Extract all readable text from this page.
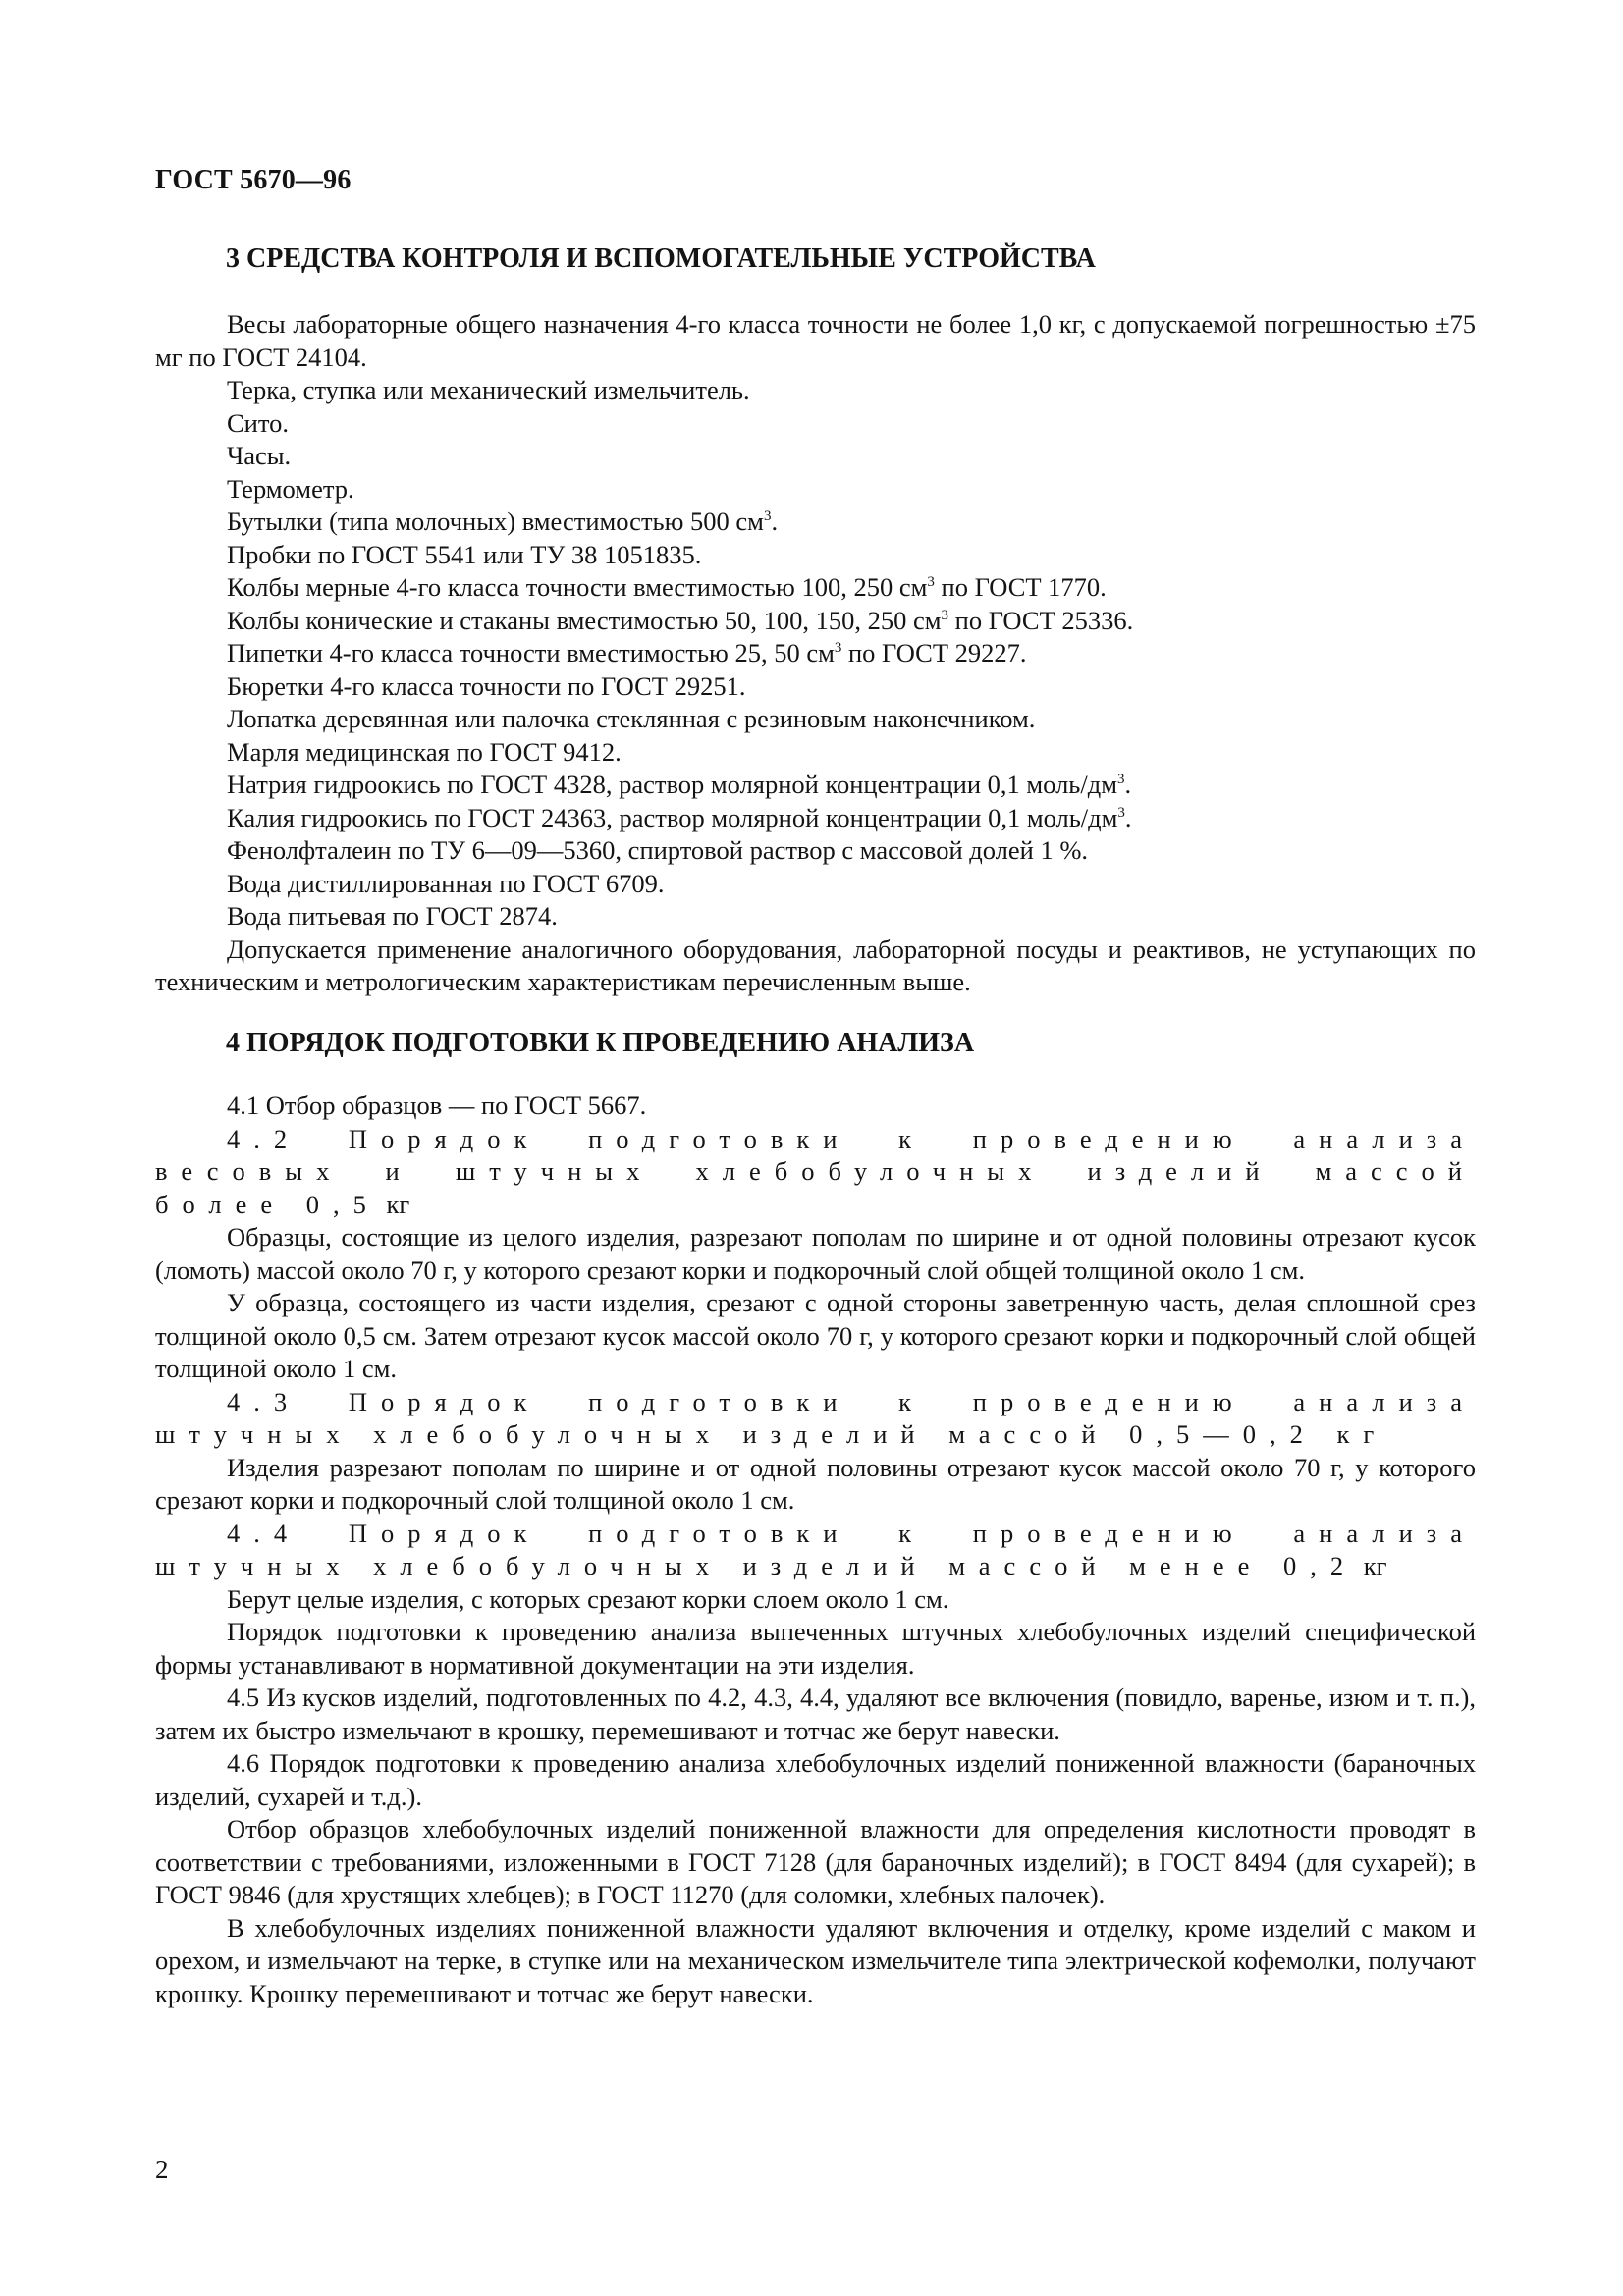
ГОСТ 5670—96
3 СРЕДСТВА КОНТРОЛЯ И ВСПОМОГАТЕЛЬНЫЕ УСТРОЙСТВА

Весы лабораторные общего назначения 4-го класса точности не более 1,0 кг, с допускаемой погрешностью ±75 мг по ГОСТ 24104.

Терка, ступка или механический измельчитель.

Сито.

Часы.

Термометр.

Бутылки (типа молочных) вместимостью 500 $см^3$.

Пробки по ГОСТ 5541 или ТУ 38 1051835.

Колбы мерные 4-го класса точности вместимостью 100, 250 $см^3$ по ГОСТ 1770.

Колбы конические и стаканы вместимостью 50, 100, 150, 250 $см^3$ по ГОСТ 25336.

Пипетки 4-го класса точности вместимостью 25, 50 $см^3$ по ГОСТ 29227.

Бюретки 4-го класса точности по ГОСТ 29251.

Лопатка деревянная или палочка стеклянная с резиновым наконечником.

Марля медицинская по ГОСТ 9412.

Натрия гидроокись по ГОСТ 4328, раствор молярной концентрации 0,1 моль/$дм^3$.

Калия гидроокись по ГОСТ 24363, раствор молярной концентрации 0,1 моль/$дм^3$.

Фенолфталеин по ТУ 6—09—5360, спиртовой раствор с массовой долей 1 %.

Вода дистиллированная по ГОСТ 6709.

Вода питьевая по ГОСТ 2874.

Допускается применение аналогичного оборудования, лабораторной посуды и реактивов, не уступающих по техническим и метрологическим характеристикам перечисленным выше.

4 ПОРЯДОК ПОДГОТОВКИ К ПРОВЕДЕНИЮ АНАЛИЗА

4.1 Отбор образцов — по ГОСТ 5667.

4.2 Порядок подготовки к проведению анализа весовых и штучных хлебобулочных изделий массой более 0,5 кг

Образцы, состоящие из целого изделия, разрезают пополам по ширине и от одной половины отрезают кусок (ломоть) массой около 70 г, у которого срезают корки и подкорочный слой общей толщиной около 1 см.

У образца, состоящего из части изделия, срезают с одной стороны заветренную часть, делая сплошной срез толщиной около 0,5 см. Затем отрезают кусок массой около 70 г, у которого срезают корки и подкорочный слой общей толщиной около 1 см.

4.3 Порядок подготовки к проведению анализа штучных хлебобулочных изделий массой 0,5—0,2 кг

Изделия разрезают пополам по ширине и от одной половины отрезают кусок массой около 70 г, у которого срезают корки и подкорочный слой толщиной около 1 см.

4.4 Порядок подготовки к проведению анализа штучных хлебобулочных изделий массой менее 0,2 кг

Берут целые изделия, с которых срезают корки слоем около 1 см.

Порядок подготовки к проведению анализа выпеченных штучных хлебобулочных изделий специфической формы устанавливают в нормативной документации на эти изделия.

4.5 Из кусков изделий, подготовленных по 4.2, 4.3, 4.4, удаляют все включения (повидло, варенье, изюм и т. п.), затем их быстро измельчают в крошку, перемешивают и тотчас же берут навески.

4.6 Порядок подготовки к проведению анализа хлебобулочных изделий пониженной влажности (бараночных изделий, сухарей и т.д.).

Отбор образцов хлебобулочных изделий пониженной влажности для определения кислотности проводят в соответствии с требованиями, изложенными в ГОСТ 7128 (для бараночных изделий); в ГОСТ 8494 (для сухарей); в ГОСТ 9846 (для хрустящих хлебцев); в ГОСТ 11270 (для соломки, хлебных палочек).

В хлебобулочных изделиях пониженной влажности удаляют включения и отделку, кроме изделий с маком и орехом, и измельчают на терке, в ступке или на механическом измельчителе типа электрической кофемолки, получают крошку. Крошку перемешивают и тотчас же берут навески.

2
